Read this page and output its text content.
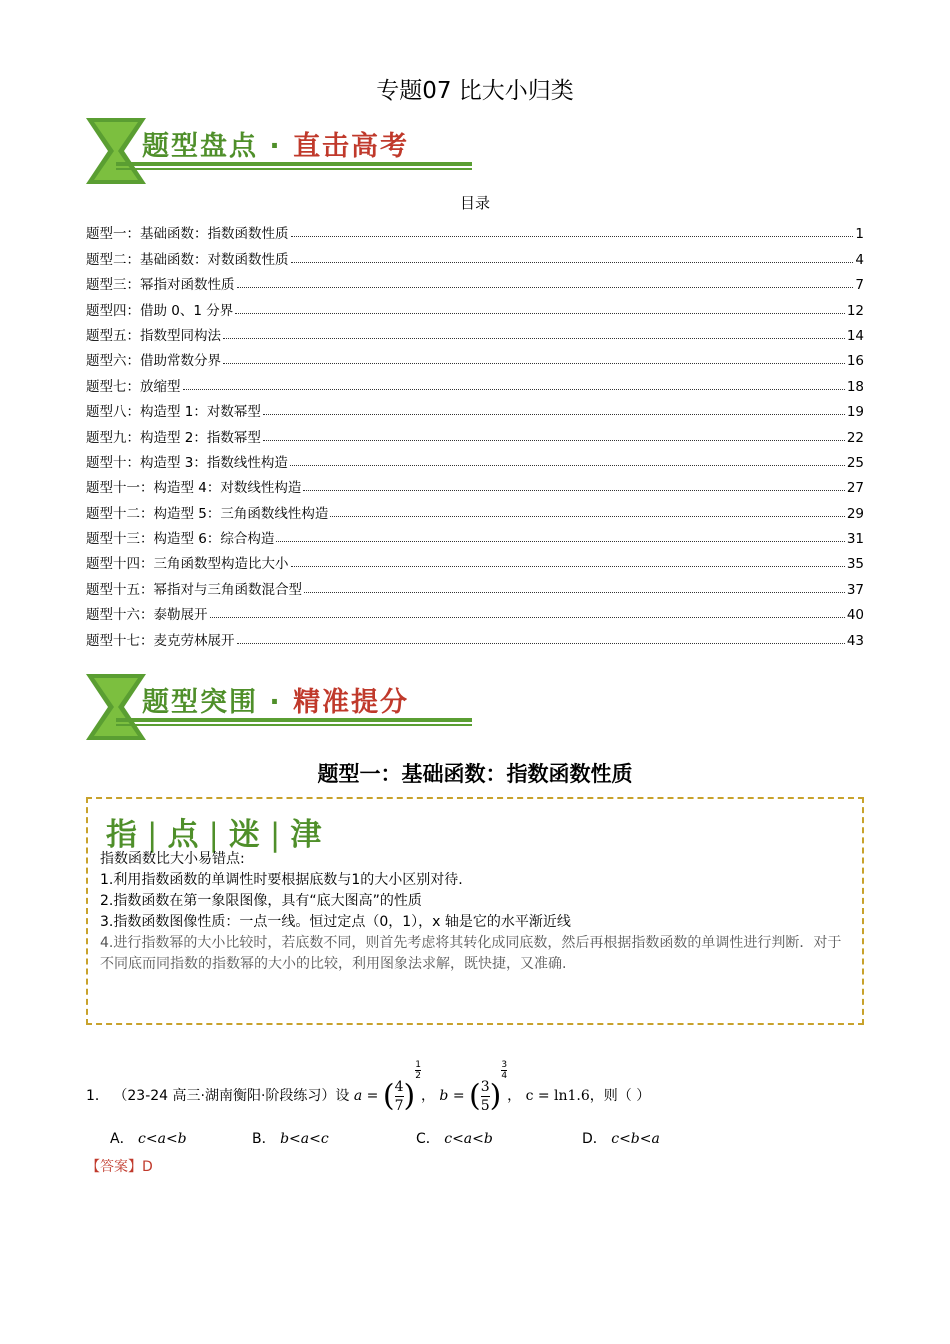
专题07 比大小归类
题型盘点 · 直击高考
目录
题型一：基础函数：指数函数性质	1
题型二：基础函数：对数函数性质	4
题型三：幂指对函数性质	7
题型四：借助 0、1 分界	12
题型五：指数型同构法	14
题型六：借助常数分界	16
题型七：放缩型	18
题型八：构造型 1：对数幂型	19
题型九：构造型 2：指数幂型	22
题型十：构造型 3：指数线性构造	25
题型十一：构造型 4：对数线性构造	27
题型十二：构造型 5：三角函数线性构造	29
题型十三：构造型 6：综合构造	31
题型十四：三角函数型构造比大小	35
题型十五：幂指对与三角函数混合型	37
题型十六：泰勒展开	40
题型十七：麦克劳林展开	43
题型突围 · 精准提分
题型一：基础函数：指数函数性质
指 | 点 | 迷 | 津
指数函数比大小易错点:
1.利用指数函数的单调性时要根据底数与1的大小区别对待.
2.指数函数在第一象限图像，具有“底大图高”的性质
3.指数函数图像性质：一点一线。恒过定点（0，1），x 轴是它的水平渐近线
4.进行指数幂的大小比较时，若底数不同，则首先考虑将其转化成同底数，然后再根据指数函数的单调性进行判断．对于不同底而同指数的指数幂的大小的比较，利用图象法求解，既快捷，又准确.
1． （23-24 高三·湖南衡阳·阶段练习）设 a = ( $\frac{4}{7}$ )
$\frac{1}{2}$
， b = ( $\frac{3}{5}$ )
$\frac{3}{4}$
， c = ln1.6，则（ ）
A． c<a<b	B． b<a<c	C． c<a<b	D． c<b<a
【答案】D
